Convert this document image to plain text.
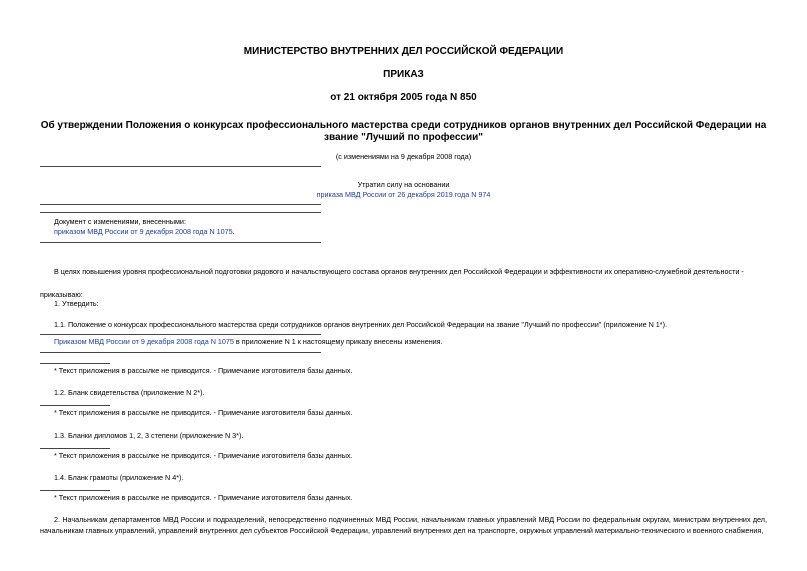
МИНИСТЕРСТВО ВНУТРЕННИХ ДЕЛ РОССИЙСКОЙ ФЕДЕРАЦИИ
ПРИКАЗ
от 21 октября 2005 года N 850
Об утверждении Положения о конкурсах профессионального мастерства среди сотрудников органов внутренних дел Российской Федерации на звание "Лучший по профессии"
(с изменениями на 9 декабря 2008 года)
Утратил силу на основании
приказа МВД России от 26 декабря 2019 года N 974
Документ с изменениями, внесенными:
приказом МВД России от 9 декабря 2008 года N 1075.
В целях повышения уровня профессиональной подготовки рядового и начальствующего состава органов внутренних дел Российской Федерации и эффективности их оперативно-служебной деятельности -
приказываю:
1. Утвердить:
1.1. Положение о конкурсах профессионального мастерства среди сотрудников органов внутренних дел Российской Федерации на звание "Лучший по профессии" (приложение N 1*).
Приказом МВД России от 9 декабря 2008 года N 1075 в приложение N 1 к настоящему приказу внесены изменения.
* Текст приложения в рассылке не приводится. - Примечание изготовителя базы данных.
1.2. Бланк свидетельства (приложение N 2*).
* Текст приложения в рассылке не приводится. - Примечание изготовителя базы данных.
1.3. Бланки дипломов 1, 2, 3 степени (приложение N 3*).
* Текст приложения в рассылке не приводится. - Примечание изготовителя базы данных.
1.4. Бланк грамоты (приложение N 4*).
* Текст приложения в рассылке не приводится. - Примечание изготовителя базы данных.
2. Начальникам департаментов МВД России и подразделений, непосредственно подчиненных МВД России, начальникам главных управлений МВД России по федеральным округам, министрам внутренних дел, начальникам главных управлений, управлений внутренних дел субъектов Российской Федерации, управлений внутренних дел на транспорте, окружных управлений материально-технического и военного снабжения,
